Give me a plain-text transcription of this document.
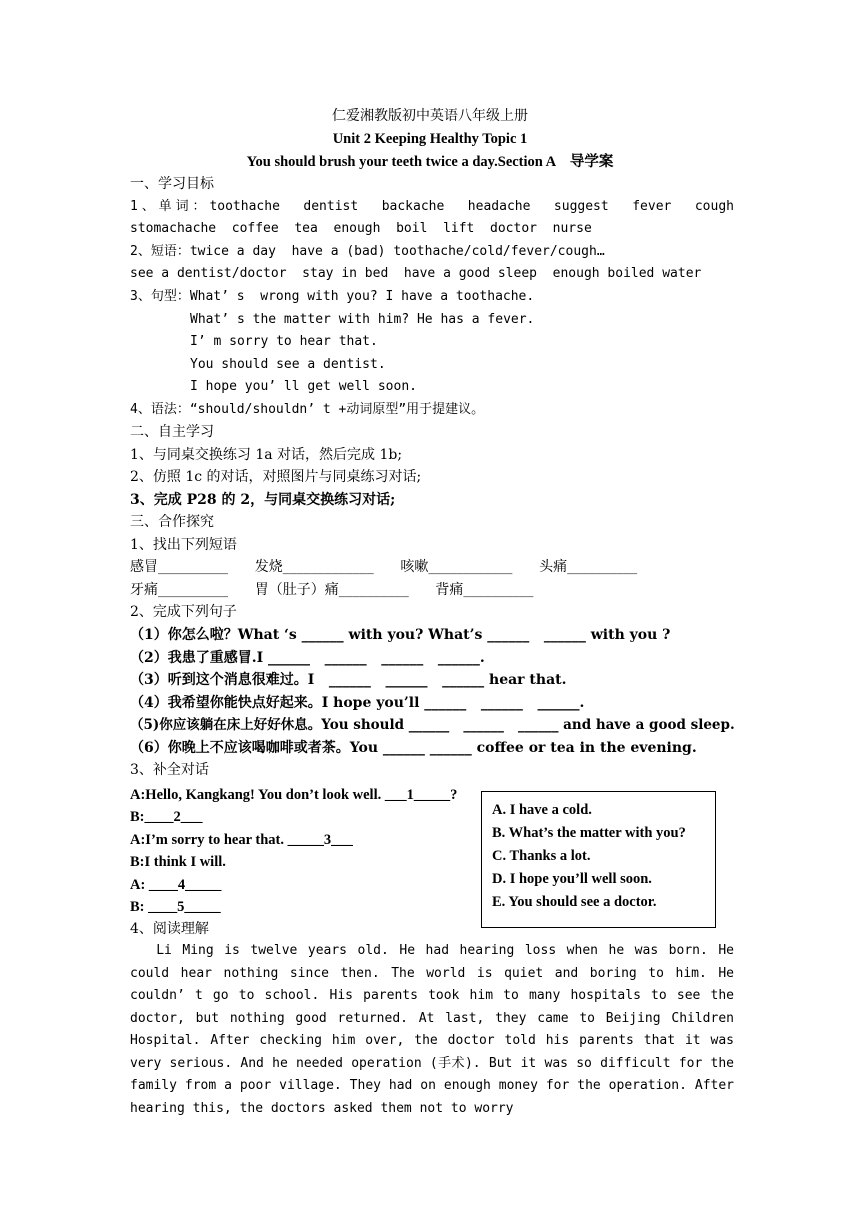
仁爱湘教版初中英语八年级上册
Unit 2 Keeping Healthy Topic 1
You should brush your teeth twice a day.Section A　导学案
一、学习目标
1、单词：toothache  dentist  backache  headache  suggest  fever  cough
stomachache  coffee  tea  enough  boil  lift  doctor  nurse
2、短语：twice a day  have a (bad) toothache/cold/fever/cough…
see a dentist/doctor  stay in bed  have a good sleep  enough boiled water
3、句型：What’ s  wrong with you? I have a toothache.
What’ s the matter with him? He has a fever.
I’ m sorry to hear that.
You should see a dentist.
I hope you’ ll get well soon.
4、语法：“should/shouldn’ t +动词原型”用于提建议。
二、自主学习
1、与同桌交换练习 1a 对话，然后完成 1b;
2、仿照 1c 的对话，对照图片与同桌练习对话;
3、完成 P28 的 2，与同桌交换练习对话;
三、合作探究
1、找出下列短语
感冒__________      发烧_____________      咳嗽____________      头痛__________
牙痛__________      胃（肚子）痛__________      背痛__________
2、完成下列句子
（1）你怎么啦？What ‘s ______ with you? What’s ______   ______ with you ?
（2）我患了重感冒.I ______   ______   ______   ______.
（3）听到这个消息很难过。I   ______   ______   ______ hear that.
（4）我希望你能快点好起来。I hope you’ll ______   ______   ______.
（5)你应该躺在床上好好休息。You should ______   ______   ______ and have a good sleep.
（6）你晚上不应该喝咖啡或者茶。You ______ ______ coffee or tea in the evening.
3、补全对话
A:Hello, Kangkang! You don’t look well. ___1_____?
B:____2___
A:I’m sorry to hear that. _____3___
B:I think I will.
A: ____4_____
B: ____5_____
A. I have a cold.
B. What’s the matter with you?
C. Thanks a lot.
D. I hope you’ll well soon.
E. You should see a doctor.
4、阅读理解
　 Li Ming is twelve years old. He had hearing loss when he was born. He could hear nothing since then. The world is quiet and boring to him. He couldn’ t go to school. His parents took him to many hospitals to see the doctor, but nothing good returned. At last, they came to Beijing Children Hospital. After checking him over, the doctor told his parents that it was very serious. And he needed operation (手术). But it was so difficult for the family from a poor village. They had on enough money for the operation. After hearing this, the doctors asked them not to worry
